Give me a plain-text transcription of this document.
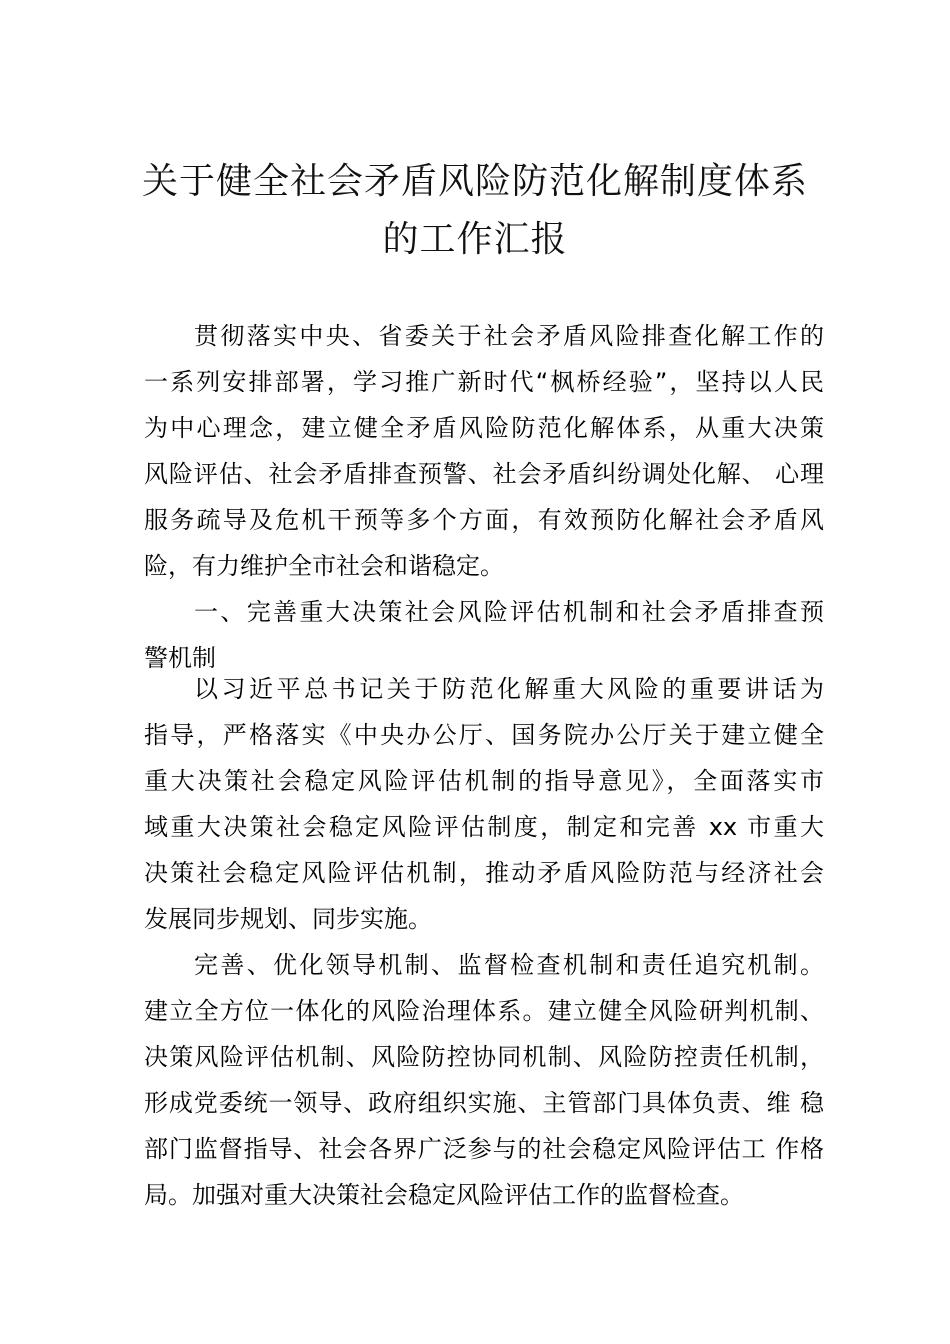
关于健全社会矛盾风险防范化解制度体系
的工作汇报
贯彻落实中央、省委关于社会矛盾风险排查化解工作的
一系列安排部署，学习推广新时代“枫桥经验”，坚持以人民
为中心理念，建立健全矛盾风险防范化解体系，从重大决策
风险评估、社会矛盾排查预警、社会矛盾纠纷调处化解、 心理
服务疏导及危机干预等多个方面，有效预防化解社会矛盾风
险，有力维护全市社会和谐稳定。
一、完善重大决策社会风险评估机制和社会矛盾排查预
警机制
以习近平总书记关于防范化解重大风险的重要讲话为
指导，严格落实《中央办公厅、国务院办公厅关于建立健全
重大决策社会稳定风险评估机制的指导意见》，全面落实市
域重大决策社会稳定风险评估制度，制定和完善 xx 市重大
决策社会稳定风险评估机制，推动矛盾风险防范与经济社会
发展同步规划、同步实施。
完善、优化领导机制、监督检查机制和责任追究机制。
建立全方位一体化的风险治理体系。建立健全风险研判机制、
决策风险评估机制、风险防控协同机制、风险防控责任机制，
形成党委统一领导、政府组织实施、主管部门具体负责、维 稳
部门监督指导、社会各界广泛参与的社会稳定风险评估工 作格
局。加强对重大决策社会稳定风险评估工作的监督检查。
